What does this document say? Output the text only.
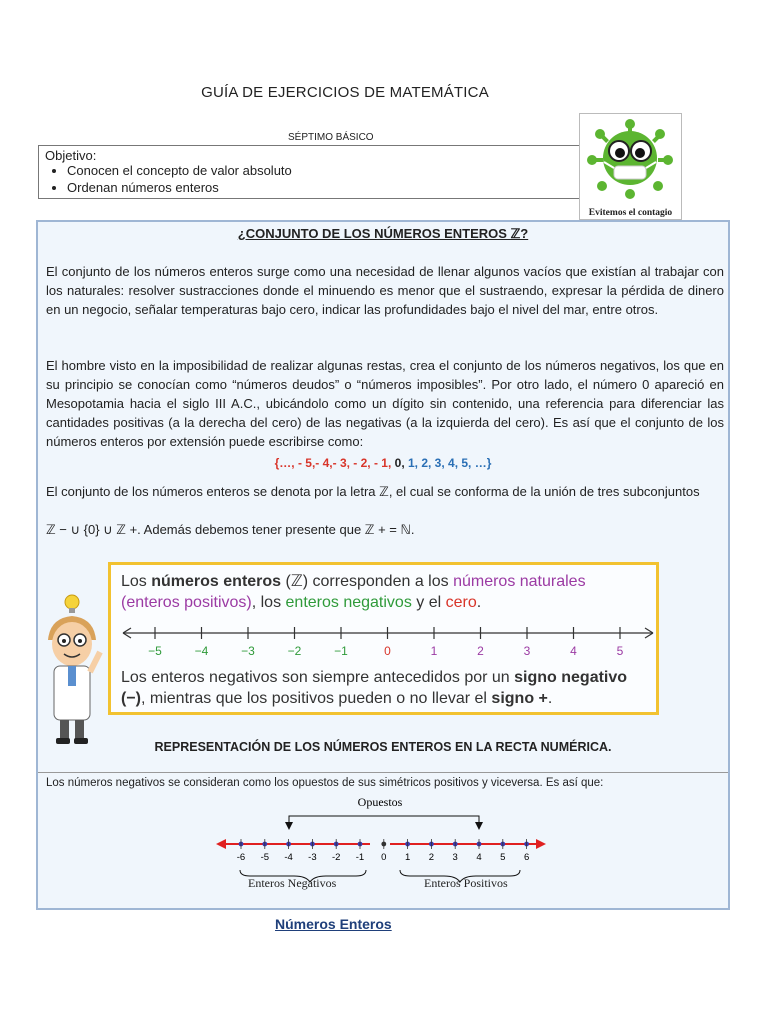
GUÍA DE EJERCICIOS DE MATEMÁTICA
SÉPTIMO BÁSICO
Objetivo:
• Conocen el concepto de valor absoluto
• Ordenan números enteros
Evitemos el contagio
¿CONJUNTO DE LOS NÚMEROS ENTEROS ℤ?
El conjunto de los números enteros surge como una necesidad de llenar algunos vacíos que existían al trabajar con los naturales: resolver sustracciones donde el minuendo es menor que el sustraendo, expresar la pérdida de dinero en un negocio, señalar temperaturas bajo cero, indicar las profundidades bajo el nivel del mar, entre otros.
El hombre visto en la imposibilidad de realizar algunas restas, crea el conjunto de los números negativos, los que en su principio se conocían como “números deudos” o “números imposibles”. Por otro lado, el número 0 apareció en Mesopotamia hacia el siglo III A.C., ubicándolo como un dígito sin contenido, una referencia para diferenciar las cantidades positivas (a la derecha del cero) de las negativas (a la izquierda del cero). Es así que el conjunto de los números enteros por extensión puede escribirse como:
{…, - 5,- 4,- 3, - 2, - 1, 0, 1, 2, 3, 4, 5, …}
El conjunto de los números enteros se denota por la letra ℤ, el cual se conforma de la unión de tres subconjuntos
ℤ − ∪ {0} ∪ ℤ +. Además debemos tener presente que ℤ + = ℕ.
Los números enteros (ℤ) corresponden a los números naturales (enteros positivos), los enteros negativos y el cero.
−5	−4	−3	−2	−1	0	1	2	3	4	5
Los enteros negativos son siempre antecedidos por un signo negativo (−), mientras que los positivos pueden o no llevar el signo +.
REPRESENTACIÓN DE LOS NÚMEROS ENTEROS EN LA RECTA NUMÉRICA.
Los números negativos se consideran como los opuestos de sus simétricos positivos y viceversa. Es así que:
Opuestos
-6 -5 -4 -3 -2 -1 0 1 2 3 4 5 6
Enteros Negativos	Enteros Positivos
Números Enteros
